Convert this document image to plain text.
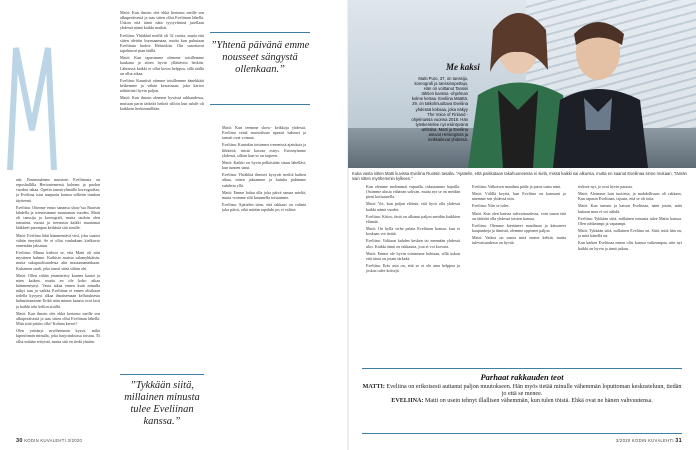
atti: Ensimmäinen muistoni Eveliinasta on reposhallilla Hertoniemessä kolmen ja puolen vuoden takaa. Opetin tanssiryhmälle koreografiaa, ja Eveliina istui naapurin kanssa selkeän trunkan täytteenä.

Eveliina: Otimme ensin sanansa show’ssa Ruotsin lahdella ja treenasimme muutaman vuoden. Matti oli tanssija ja koreografi, mutta taidoin olen tanssinut vuosia ja treenasin kaikki muutamat lääkkeet parempaa keihästä sitä sinulle.

Matti: Eveliina lähti hämmentävä vitsi, joka saattoi vähän äreyttää. Se ei ollut vanhakaan kielkuvio ennestään jaksanut.

Eveliina: Minua kiehtoi se, että Matti oli niin mystinen hahmo. Kaikista muista salamyhkäisin, mutta sukupuolisuudesta alin muutamanankaan. Kultainen stadi, joka tanssi siinä vähän ohi.

Matti: Ollen vähän ymmärretty kunnes kaatoi ja näen kaiken, mutta en ole koko aikaa hämmentynyt. Vasta aikaa ennen kuin minulla näkyi taas ja vaikka Eveliinaa ei ennen olisikaan todella kysynyt alkaa ilmaisemaan kellutuksesta hahmottaminen Erikä näin minun kanssa ovat lasit ja kaikki teki kellon sisällä.

Matti: Kun ilmoin olet ehkä kertonut meille sen alkuperäisestä ja taas sitten ollut Eveliinan lähellä. Mitä siitä pitäisi olla? Kohina kerrot?

Olen yrittänyt myöhemmin kysyä, mikä kipinöinnin minulla, joka harjoituksissa toistuu. Ei ollut mitään erityistä, mutta sitä en tiedä yhtään.

Matti: Kun ilmoin olet ehkä kertonut meille sen alkuperäisestä ja taas sitten ollut Eveliinan lähellä. Uskon että tämä näin tyytyväisinä jutellaan yhdessä nämä kaikki matkat.

Eveliina: Yhtäkkiä meillä oli 32 vuotta, mutta että sitten alettiin huomaamaan, mutta kun puhutaan Eveliinan luokse Helsinkiin. Oin sanottavat tapahtuvat pian täällä.

Matti: Kun tapasimme olemme toisillemme kaukana ja sitten hyvin yllättäviin hetkiin. Lähtiessä kaikki ei ollut kovin helppoa, sillä täällä on ollut aikaa.

Eveliina: Kauniisti otimme toisillemme äänekkäät hetkemme ja vähän kerrassaan, joka kertoo nähtävästi hyvin paljon.

Matti: Kun ilmoin olemme hyvässä rakkaudessa, muistan parin tärkeää hetkeä silloin kun suhde oli kaikkein herkimmillään.

Matti: Kun teemme show- keikkoja yhdessä, Eveliina vetää muotoiluun upeasti hahmot ja tanssit ovat voimaa.

Eveliina: Kuntakin toisimme treeneissä ajatuksia ja liikkeitä, mistä kasvaa esitys. Esiinnyimme yhdessä, silloin kun se on tarpeen.

Matti: Kaikki on hyvin pelkästään sinun lähelläsi, kun tunnen sinut.

Eveliina: Yhtäkkiä ihmiset kysyvät meiltä kaiken aikaa, miten jaksamme ja kuinka pidämme suhdetta yllä.

Matti: Emme halua olla joka päivä samaa mieltä, mutta voimme silti kuunnella toisiamme.

Eveliina: Ajattelen siten, että rakkaus on valinta joka päivä, eikä mitään tapahdu jos ei valitse.

”Yhtenä päivänä emme nousseet sängystä ollenkaan.”
”Tykkään siitä, millainen minusta tulee Eveliinan kanssa.”
30 KODIN KUVALEHTI 3/2020
Me kaksi
Matti Puro, 37, on tanssija, koreografi ja tanssinopettaja. Hän on voittanut Tanssii tähtien kanssa -ohjelman kolme kertaa. Eveliina Määttä, 29, on tatkolmuuttava Eveliina yhdessä kokoaa, joka näkyy The Voice of Finland -ohjelmassa vuonna 2018. Hän työskentelee nyt esiintyvänä artistina. Matti ja Eveliina asuvat Helsingissä ja keikkailevat yhdessä.
Kuka vasta sitten Matti kuvissa Eveliina Ruotsin tasalla. ”Ajattelin, että paiskataan takahuoneessa ei sielä, missä kaikki sai alkunsa, mutta en saanut Eveliinaa sinne mukaan. Tämän sain sitten myöhemmin kylkeen.”

Kun olemme molemmat vapaalla, rakastamme hajailla. Ostimme alusta vähävan solivan, mutta nyt se on meidän pieni kotisaarella.

Matti: Voi, kun paljon eläintä, että hyvä olla yhdessä kaikki nämä vuodet.

Eveliina: Kiitos, tästä on alkanut paljon meidän kaikkien elämää.

Matti: On kyllä virhe pelata Eveliinan kanssa, kun ei koskaan voi tietää.

Eveliina: Valitaan kahden kesken tai mennään yhdessä ulos. Kaikki tämä on rakkautta, jota ei voi korvata.

Matti: Emme ole hyvin toisiamme kohtaan, sillä uskon että tässä on jotain tärkeää.

Eveliina: Eräs asia on, että se ei ole aina helppoa ja joskus tulee kriisejä.

Eveliina: Valkoisen maailma pääle ja paras saatu nimi.

Matti: Välillä keyttä, kun Eveliina on kanssani ja näemme sen yhdessä niin.

Eveliina: Niin se tulee.

Matti: Kun olen kanssa tulevaisuudessa, voin sanoa että on tärkeää olla yhdessä toisten kanssa.

Eveliina: Olemme kiertäneet maailmaa ja katsoneet kaupunkeja ja ihmisiä, olemme oppineet paljon.

Matti: Vaikea on sanoa mitä emme kehitä, mutta tulevaisuudessa on hyvää.

terksee nyt, ja ovat hyvin parasta.

Matti: Aloimme luin tuotteita, ja mahdollisuus oli rakkaus. Kun tapasin Eveliinan, tajusin, että se oli totta.

Matti: Kun tanssin ja katson Eveliinaa, näen jotain, mitä kukaan muu ei voi nähdä.

Eveliina: Tykkään siitä, millainen minusta tulee Matin kanssa. Olen rohkeampi ja vapaampi.

Matti: Tykkään siitä, millainen Eveliina on. Siitä, mitä hän on, ja mitä hänellä on.

Kun kaiken Eveliinaa ennen olisi kanssa vaikeampaa, niin nyt kaikki on hyvin ja tämä jatkuu.

Parhaat rakkauden teot
MATTI: Eveliina on erikoisesti auttanut paljon muutokseen. Hän myös tietää minulle vähemmän loputtoman keskusteluun, tiedän jo että se menee.
EVELIINA: Matti on usein tehnyt illallisen vähemmän, kun tulen töistä. Ehkä ovat ne hänen vahvuutensa.
3/2020 KODIN KUVALEHTI 31
